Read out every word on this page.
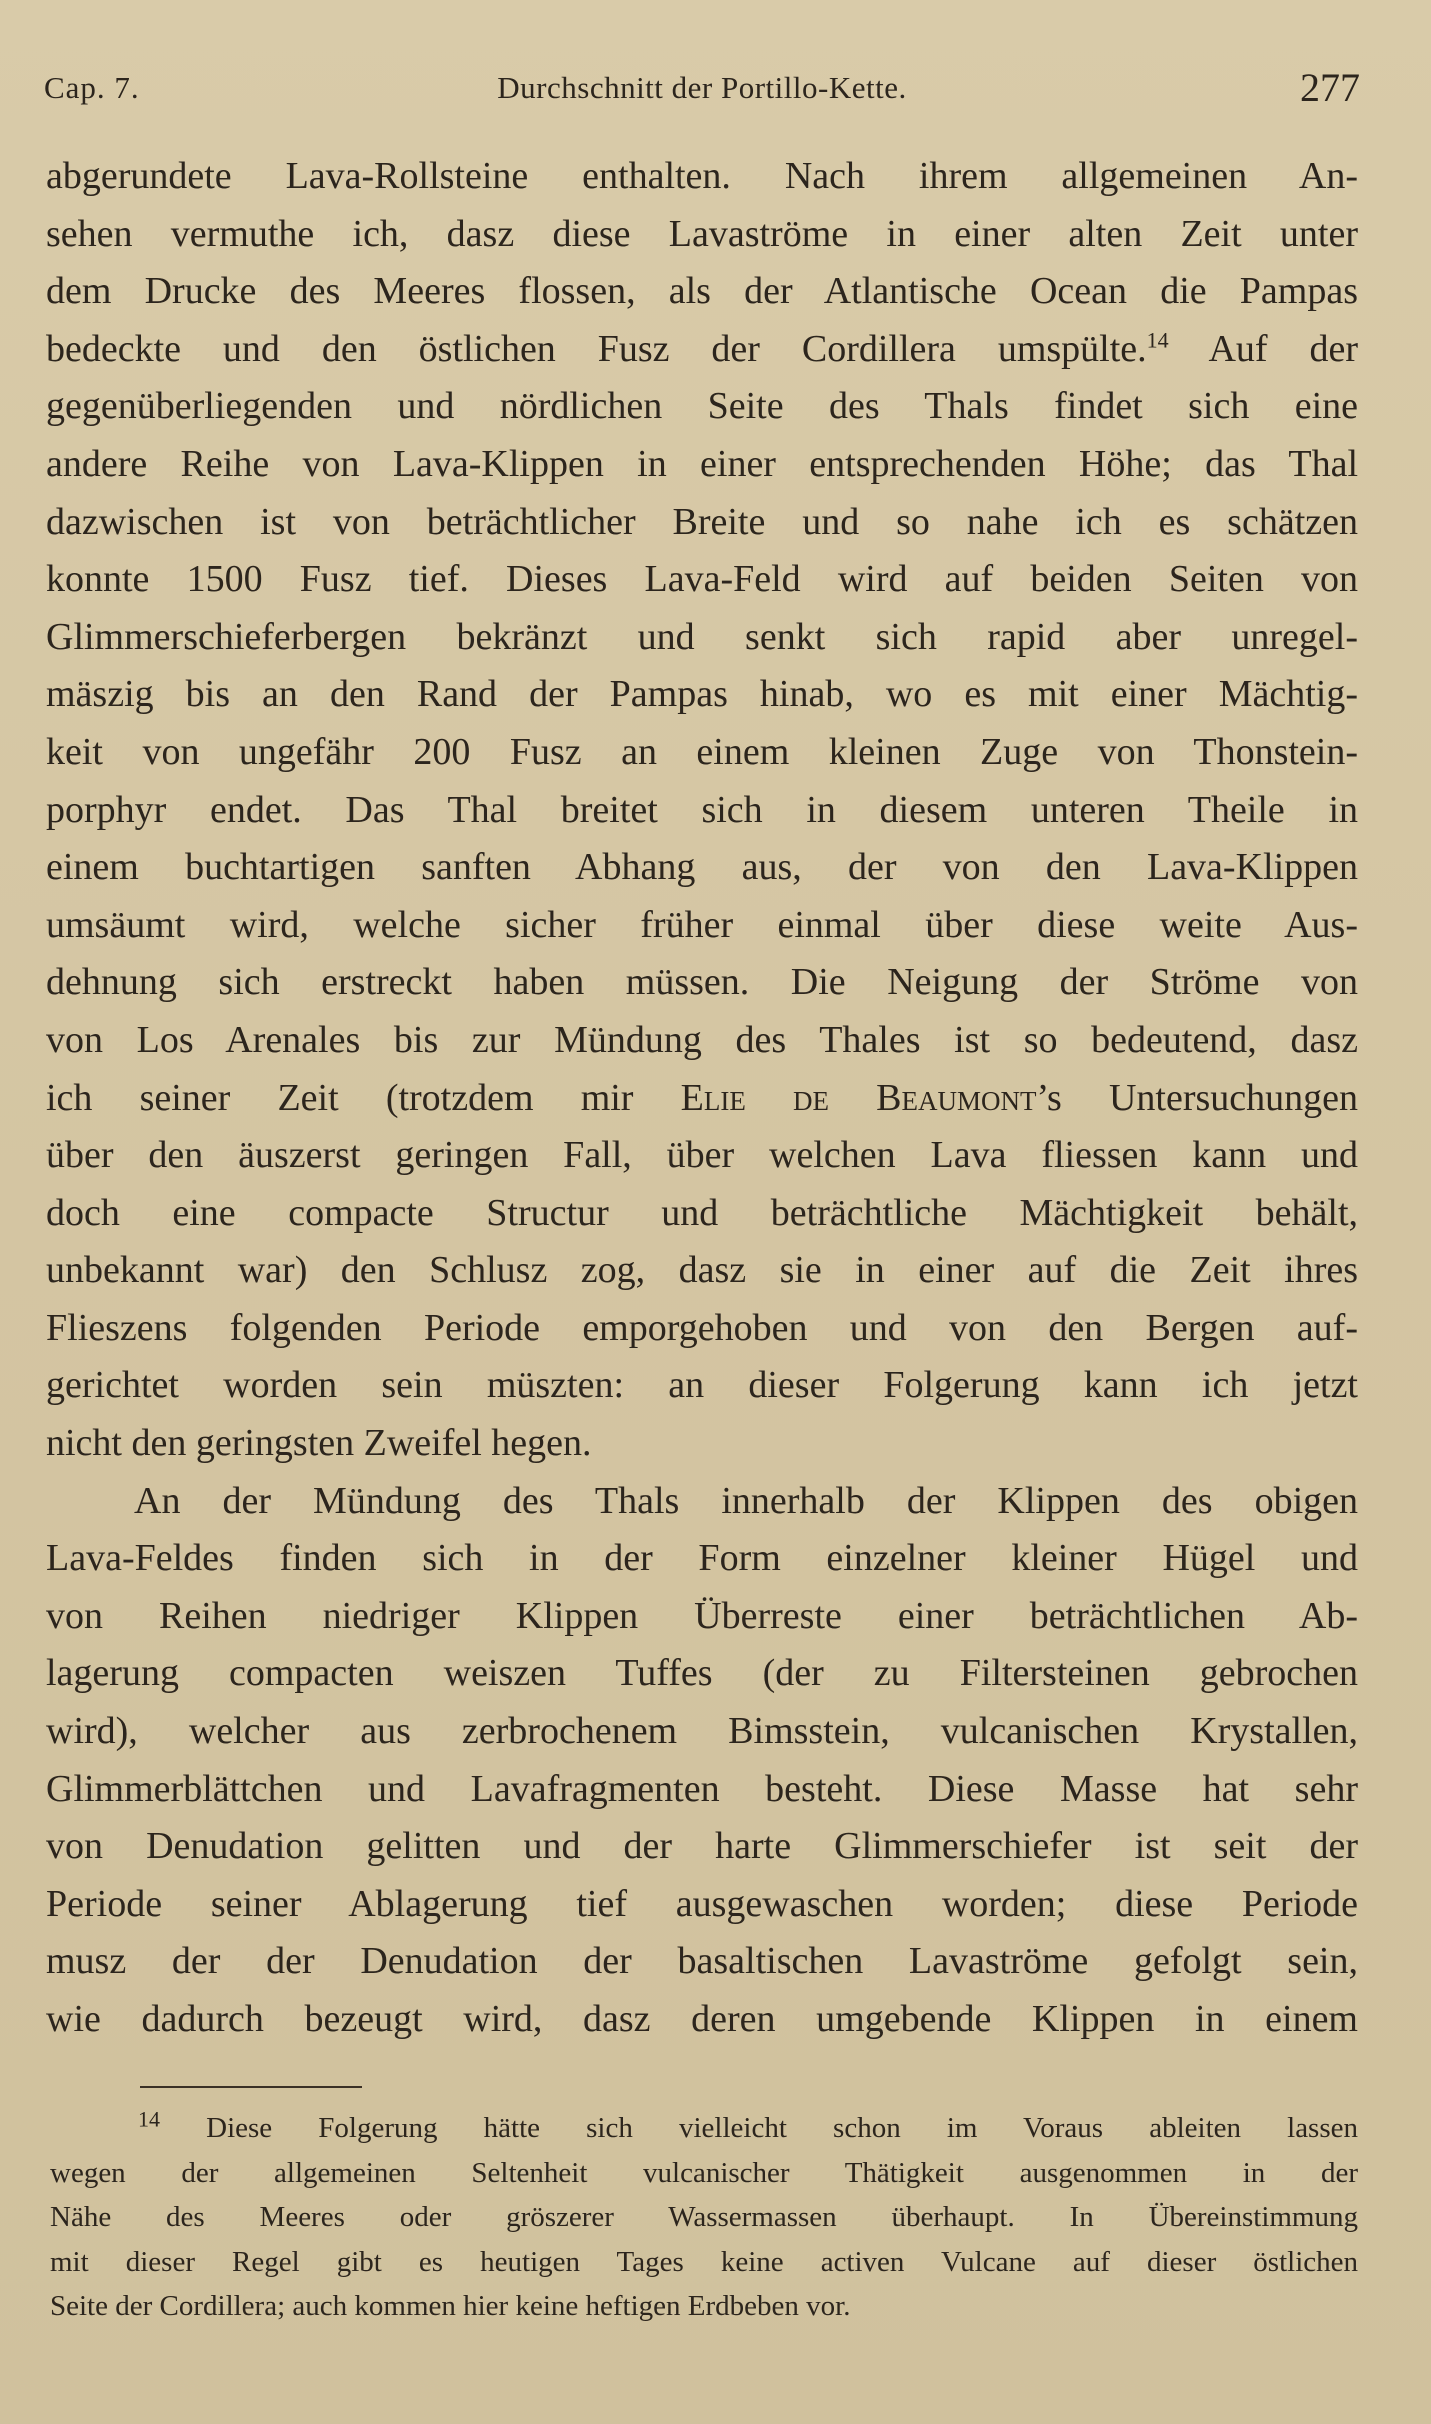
Cap. 7.	Durchschnitt der Portillo-Kette.	277
abgerundete Lava-Rollsteine enthalten. Nach ihrem allgemeinen An-
sehen vermuthe ich, dasz diese Lavaströme in einer alten Zeit unter
dem Drucke des Meeres flossen, als der Atlantische Ocean die Pampas
bedeckte und den östlichen Fusz der Cordillera umspülte.$^{14}$ Auf der
gegenüberliegenden und nördlichen Seite des Thals findet sich eine
andere Reihe von Lava-Klippen in einer entsprechenden Höhe; das Thal
dazwischen ist von beträchtlicher Breite und so nahe ich es schätzen
konnte 1500 Fusz tief. Dieses Lava-Feld wird auf beiden Seiten von
Glimmerschieferbergen bekränzt und senkt sich rapid aber unregel-
mäszig bis an den Rand der Pampas hinab, wo es mit einer Mächtig-
keit von ungefähr 200 Fusz an einem kleinen Zuge von Thonstein-
porphyr endet. Das Thal breitet sich in diesem unteren Theile in
einem buchtartigen sanften Abhang aus, der von den Lava-Klippen
umsäumt wird, welche sicher früher einmal über diese weite Aus-
dehnung sich erstreckt haben müssen. Die Neigung der Ströme von
von Los Arenales bis zur Mündung des Thales ist so bedeutend, dasz
ich seiner Zeit (trotzdem mir Elie de Beaumont’s Untersuchungen
über den äuszerst geringen Fall, über welchen Lava fliessen kann und
doch eine compacte Structur und beträchtliche Mächtigkeit behält,
unbekannt war) den Schlusz zog, dasz sie in einer auf die Zeit ihres
Flieszens folgenden Periode emporgehoben und von den Bergen auf-
gerichtet worden sein müszten: an dieser Folgerung kann ich jetzt
nicht den geringsten Zweifel hegen.
An der Mündung des Thals innerhalb der Klippen des obigen
Lava-Feldes finden sich in der Form einzelner kleiner Hügel und
von Reihen niedriger Klippen Überreste einer beträchtlichen Ab-
lagerung compacten weiszen Tuffes (der zu Filtersteinen gebrochen
wird), welcher aus zerbrochenem Bimsstein, vulcanischen Krystallen,
Glimmerblättchen und Lavafragmenten besteht. Diese Masse hat sehr
von Denudation gelitten und der harte Glimmerschiefer ist seit der
Periode seiner Ablagerung tief ausgewaschen worden; diese Periode
musz der der Denudation der basaltischen Lavaströme gefolgt sein,
wie dadurch bezeugt wird, dasz deren umgebende Klippen in einem
$^{14}$ Diese Folgerung hätte sich vielleicht schon im Voraus ableiten lassen
wegen der allgemeinen Seltenheit vulcanischer Thätigkeit ausgenommen in der
Nähe des Meeres oder gröszerer Wassermassen überhaupt. In Übereinstimmung
mit dieser Regel gibt es heutigen Tages keine activen Vulcane auf dieser östlichen
Seite der Cordillera; auch kommen hier keine heftigen Erdbeben vor.
